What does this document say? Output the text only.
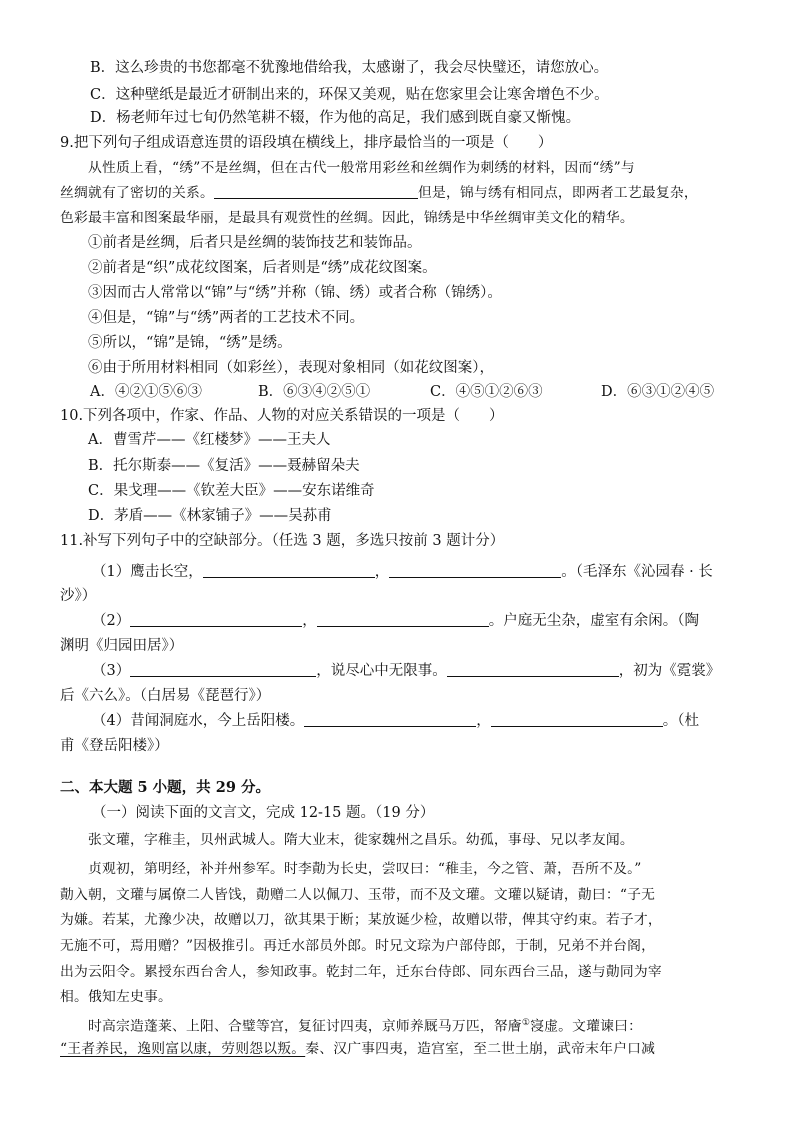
B．这么珍贵的书您都毫不犹豫地借给我，太感谢了，我会尽快璧还，请您放心。
C．这种壁纸是最近才研制出来的，环保又美观，贴在您家里会让寒舍增色不少。
D．杨老师年过七旬仍然笔耕不辍，作为他的高足，我们感到既自豪又惭愧。
9.把下列句子组成语意连贯的语段填在横线上，排序最恰当的一项是（　　）
从性质上看，“绣”不是丝绸，但在古代一般常用彩丝和丝绸作为刺绣的材料，因而“绣”与
丝绸就有了密切的关系。	但是，锦与绣有相同点，即两者工艺最复杂，
色彩最丰富和图案最华丽，是最具有观赏性的丝绸。因此，锦绣是中华丝绸审美文化的精华。
①前者是丝绸，后者只是丝绸的装饰技艺和装饰品。
②前者是“织”成花纹图案，后者则是“绣”成花纹图案。
③因而古人常常以“锦”与“绣”并称（锦、绣）或者合称（锦绣）。
④但是，“锦”与“绣”两者的工艺技术不同。
⑤所以，“锦”是锦，“绣”是绣。
⑥由于所用材料相同（如彩丝），表现对象相同（如花纹图案），
A．④②①⑤⑥③	B．⑥③④②⑤①	C．④⑤①②⑥③	D．⑥③①②④⑤
10.下列各项中，作家、作品、人物的对应关系错误的一项是（　　）
A．曹雪芹——《红楼梦》——王夫人
B．托尔斯泰——《复活》——聂赫留朵夫
C．果戈理——《钦差大臣》——安东诺维奇
D．茅盾——《林家铺子》——吴荪甫
11.补写下列句子中的空缺部分。（任选 3 题，多选只按前 3 题计分）
（1）鹰击长空，	，	。（毛泽东《沁园春 · 长
沙》）
（2）	，	。户庭无尘杂，虚室有余闲。（陶
渊明《归园田居》）
（3）	，说尽心中无限事。	，初为《霓裳》
后《六么》。（白居易《琵琶行》）
（4）昔闻洞庭水，今上岳阳楼。	，	。（杜
甫《登岳阳楼》）
二、本大题 5 小题，共 29 分。
（一）阅读下面的文言文，完成 12-15 题。（19 分）
张文瓘，字稚圭，贝州武城人。隋大业末，徙家魏州之昌乐。幼孤，事母、兄以孝友闻。
贞观初，第明经，补并州参军。时李勣为长史，尝叹曰：“稚圭，今之管、萧，吾所不及。”
勣入朝，文瓘与属僚二人皆饯，勣赠二人以佩刀、玉带，而不及文瓘。文瓘以疑请，勣曰：“子无
为嫌。若某，尤豫少决，故赠以刀，欲其果于断；某放诞少检，故赠以带，俾其守约束。若子才，
无施不可，焉用赠？”因极推引。再迁水部员外郎。时兄文琮为户部侍郎，于制，兄弟不并台阁，
出为云阳令。累授东西台舍人，参知政事。乾封二年，迁东台侍郎、同东西台三品，遂与勣同为宰
相。俄知左史事。
时高宗造蓬莱、上阳、合璧等宫，复征讨四夷，京师养厩马万匹，帑廥①寖虚。文瓘谏曰：
“王者养民，逸则富以康，劳则怨以叛。秦、汉广事四夷，造宫室，至二世土崩，武帝末年户口减
